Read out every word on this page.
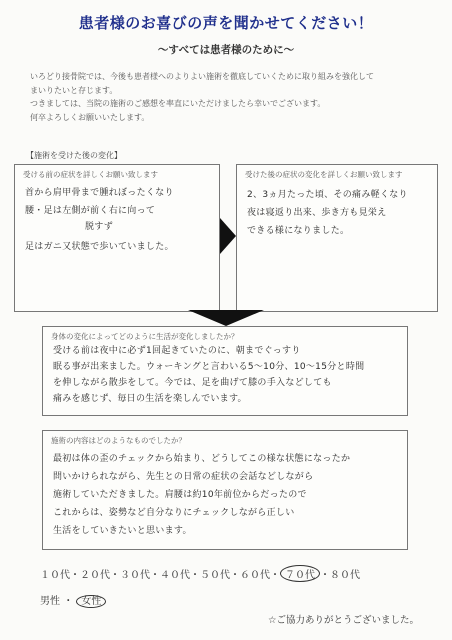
患者様のお喜びの声を聞かせてください！
～すべては患者様のために～
いろどり接骨院では、今後も患者様へのよりよい施術を徹底していくために取り組みを強化して
まいりたいと存じます。
つきましては、当院の施術のご感想を率直にいただけましたら幸いでございます。
何卒よろしくお願いいたします。
【施術を受けた後の変化】
受ける前の症状を詳しくお願い致します
首から肩甲骨まで腫れぼったくなり
腰・足は左側が前く右に向って
脱すず
足はガニ又状態で歩いていました。
受けた後の症状の変化を詳しくお願い致します
2、3ヵ月たった頃、その痛み軽くなり
夜は寝返り出来、歩き方も見栄え
できる様になりました。
身体の変化によってどのように生活が変化しましたか？
受ける前は夜中に必ず1回起きていたのに、朝までぐっすり
眠る事が出来ました。ウォーキングと言わいる5～10分、10～15分と時間
を伸しながら散歩をして。今では、足を曲げて膝の手入などしても
痛みを感じず、毎日の生活を楽しんでいます。
施術の内容はどのようなものでしたか？
最初は体の歪のチェックから始まり、どうしてこの様な状態になったか
問いかけられながら、先生との日常の症状の会話などしながら
施術していただきました。肩腰は約10年前位からだったので
これからは、姿勢など自分なりにチェックしながら正しい
生活をしていきたいと思います。
１０代・２０代・３０代・４０代・５０代・６０代・ ７０代 ・８０代
男性 ・ 女性
☆ご協力ありがとうございました。
